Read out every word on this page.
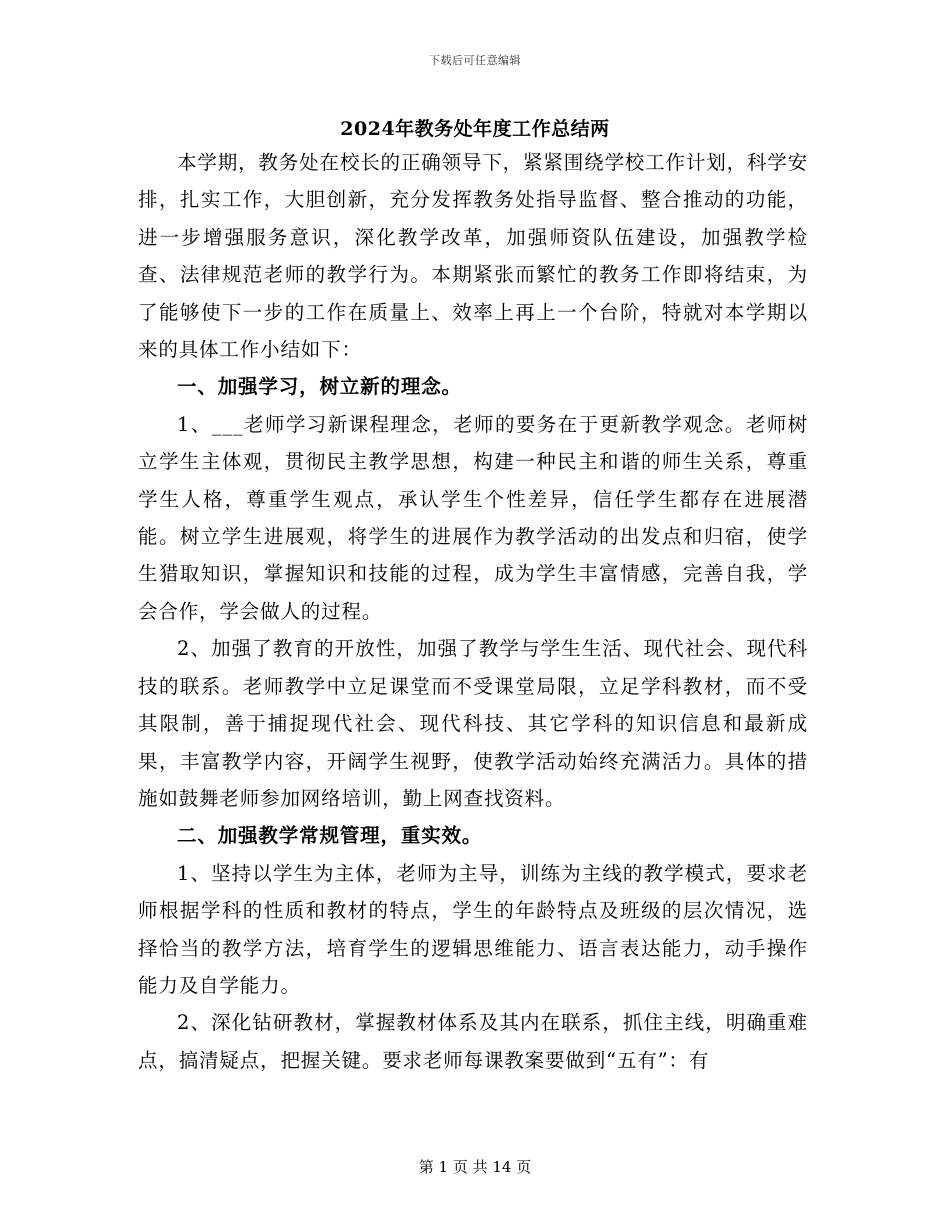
下载后可任意编辑
2024年教务处年度工作总结两

本学期，教务处在校长的正确领导下，紧紧围绕学校工作计划，科学安排，扎实工作，大胆创新，充分发挥教务处指导监督、整合推动的功能，进一步增强服务意识，深化教学改革，加强师资队伍建设，加强教学检查、法律规范老师的教学行为。本期紧张而繁忙的教务工作即将结束，为了能够使下一步的工作在质量上、效率上再上一个台阶，特就对本学期以来的具体工作小结如下：

一、加强学习，树立新的理念。

1、___老师学习新课程理念，老师的要务在于更新教学观念。老师树立学生主体观，贯彻民主教学思想，构建一种民主和谐的师生关系，尊重学生人格，尊重学生观点，承认学生个性差异，信任学生都存在进展潜能。树立学生进展观，将学生的进展作为教学活动的出发点和归宿，使学生猎取知识，掌握知识和技能的过程，成为学生丰富情感，完善自我，学会合作，学会做人的过程。

2、加强了教育的开放性，加强了教学与学生生活、现代社会、现代科技的联系。老师教学中立足课堂而不受课堂局限，立足学科教材，而不受其限制，善于捕捉现代社会、现代科技、其它学科的知识信息和最新成果，丰富教学内容，开阔学生视野，使教学活动始终充满活力。具体的措施如鼓舞老师参加网络培训，勤上网查找资料。

二、加强教学常规管理，重实效。

1、坚持以学生为主体，老师为主导，训练为主线的教学模式，要求老师根据学科的性质和教材的特点，学生的年龄特点及班级的层次情况，选择恰当的教学方法，培育学生的逻辑思维能力、语言表达能力，动手操作能力及自学能力。

2、深化钻研教材，掌握教材体系及其内在联系，抓住主线，明确重难点，搞清疑点，把握关键。要求老师每课教案要做到“五有”：有

第 1 页 共 14 页
